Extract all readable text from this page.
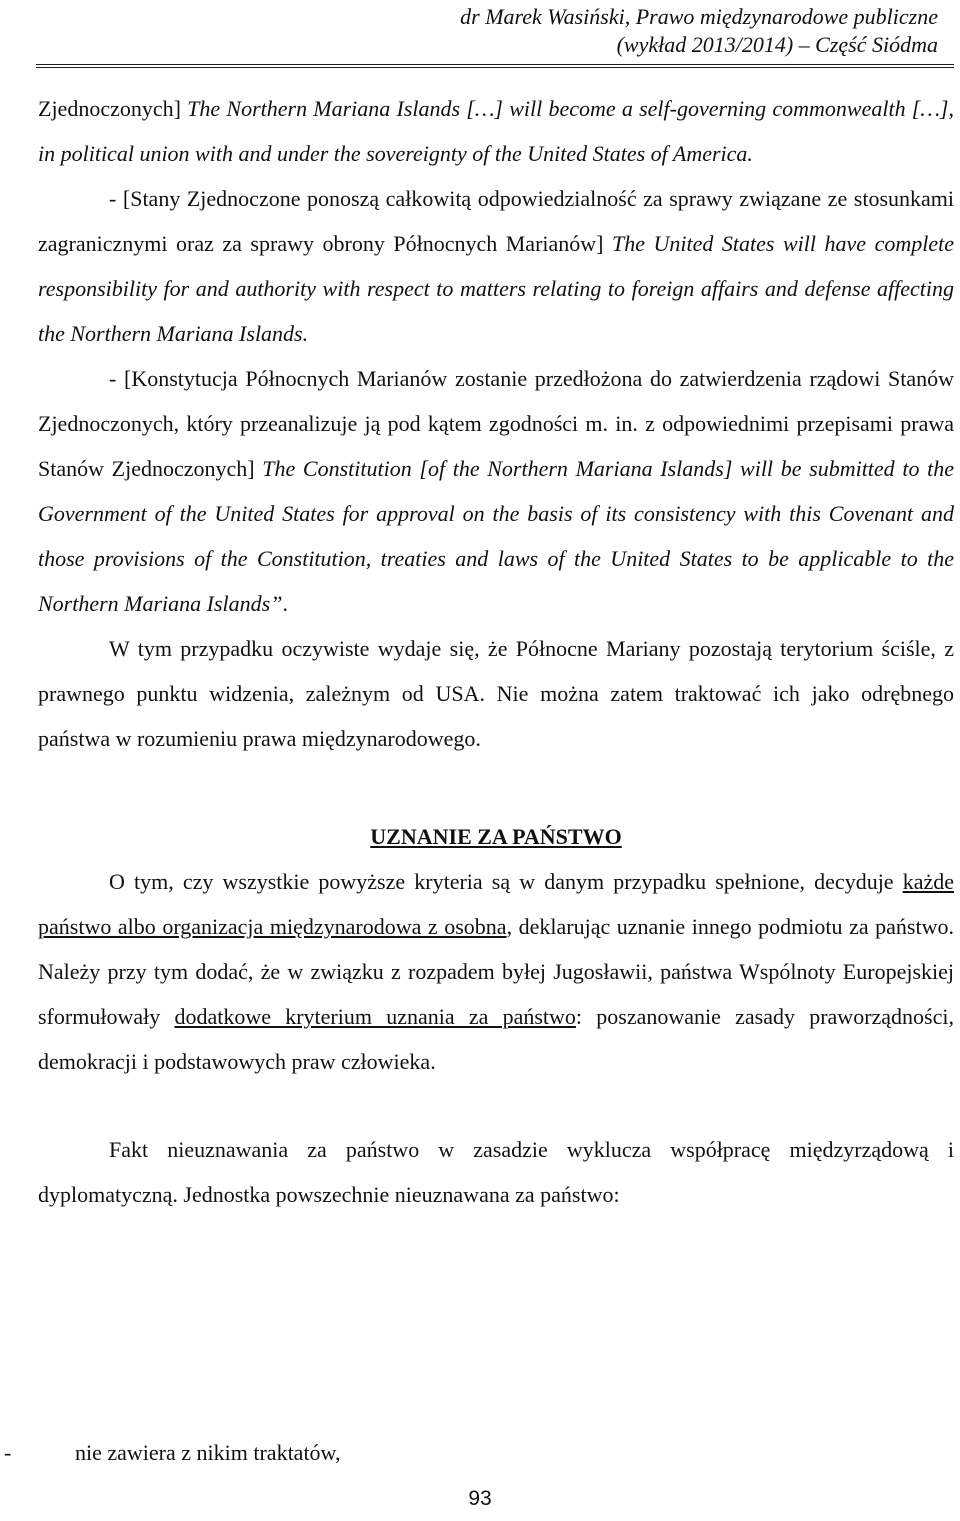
dr Marek Wasiński, Prawo międzynarodowe publiczne
(wykład 2013/2014) – Część Siódma

Zjednoczonych] The Northern Mariana Islands […] will become a self-governing commonwealth […], in political union with and under the sovereignty of the United States of America.

- [Stany Zjednoczone ponoszą całkowitą odpowiedzialność za sprawy związane ze stosunkami zagranicznymi oraz za sprawy obrony Północnych Marianów] The United States will have complete responsibility for and authority with respect to matters relating to foreign affairs and defense affecting the Northern Mariana Islands.

- [Konstytucja Północnych Marianów zostanie przedłożona do zatwierdzenia rządowi Stanów Zjednoczonych, który przeanalizuje ją pod kątem zgodności m. in. z odpowiednimi przepisami prawa Stanów Zjednoczonych] The Constitution [of the Northern Mariana Islands] will be submitted to the Government of the United States for approval on the basis of its consistency with this Covenant and those provisions of the Constitution, treaties and laws of the United States to be applicable to the Northern Mariana Islands”.

W tym przypadku oczywiste wydaje się, że Północne Mariany pozostają terytorium ściśle, z prawnego punktu widzenia, zależnym od USA. Nie można zatem traktować ich jako odrębnego państwa w rozumieniu prawa międzynarodowego.

UZNANIE ZA PAŃSTWO

O tym, czy wszystkie powyższe kryteria są w danym przypadku spełnione, decyduje każde państwo albo organizacja międzynarodowa z osobna, deklarując uznanie innego podmiotu za państwo. Należy przy tym dodać, że w związku z rozpadem byłej Jugosławii, państwa Wspólnoty Europejskiej sformułowały dodatkowe kryterium uznania za państwo: poszanowanie zasady praworządności, demokracji i podstawowych praw człowieka.

Fakt nieuznawania za państwo w zasadzie wyklucza współpracę międzyrządową i dyplomatyczną. Jednostka powszechnie nieuznawana za państwo:

-	nie zawiera z nikim traktatów,
93
